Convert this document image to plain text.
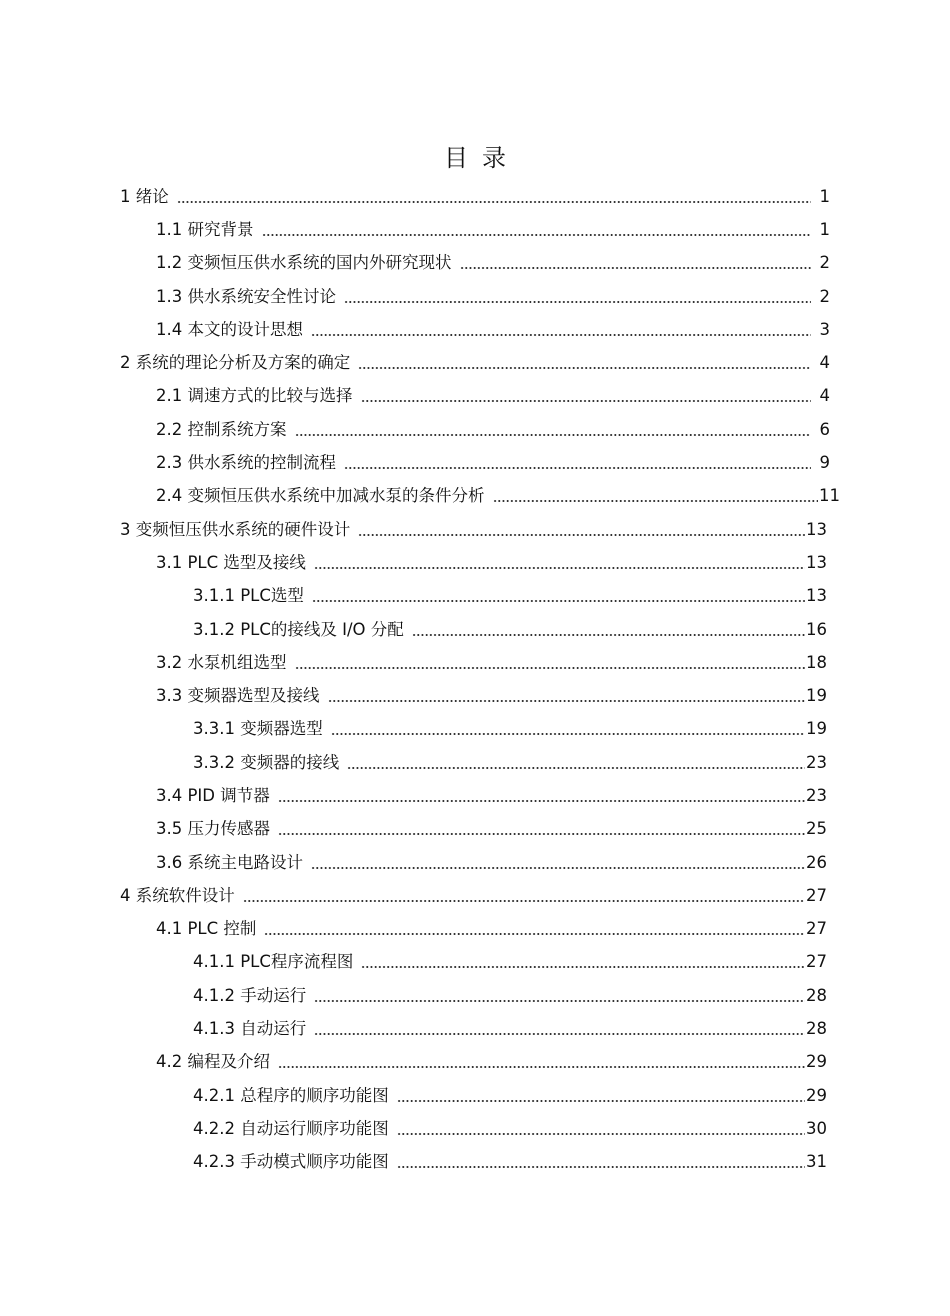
目录
1 绪论	1
1.1 研究背景	1
1.2 变频恒压供水系统的国内外研究现状	2
1.3 供水系统安全性讨论	2
1.4 本文的设计思想	3
2 系统的理论分析及方案的确定	4
2.1 调速方式的比较与选择	4
2.2 控制系统方案	6
2.3 供水系统的控制流程	9
2.4 变频恒压供水系统中加减水泵的条件分析	11
3 变频恒压供水系统的硬件设计	13
3.1 PLC 选型及接线	13
3.1.1 PLC选型	13
3.1.2 PLC的接线及 I/O 分配	16
3.2 水泵机组选型	18
3.3 变频器选型及接线	19
3.3.1 变频器选型	19
3.3.2 变频器的接线	23
3.4 PID 调节器	23
3.5 压力传感器	25
3.6 系统主电路设计	26
4 系统软件设计	27
4.1 PLC 控制	27
4.1.1 PLC程序流程图	27
4.1.2 手动运行	28
4.1.3 自动运行	28
4.2 编程及介绍	29
4.2.1 总程序的顺序功能图	29
4.2.2 自动运行顺序功能图	30
4.2.3 手动模式顺序功能图	31
